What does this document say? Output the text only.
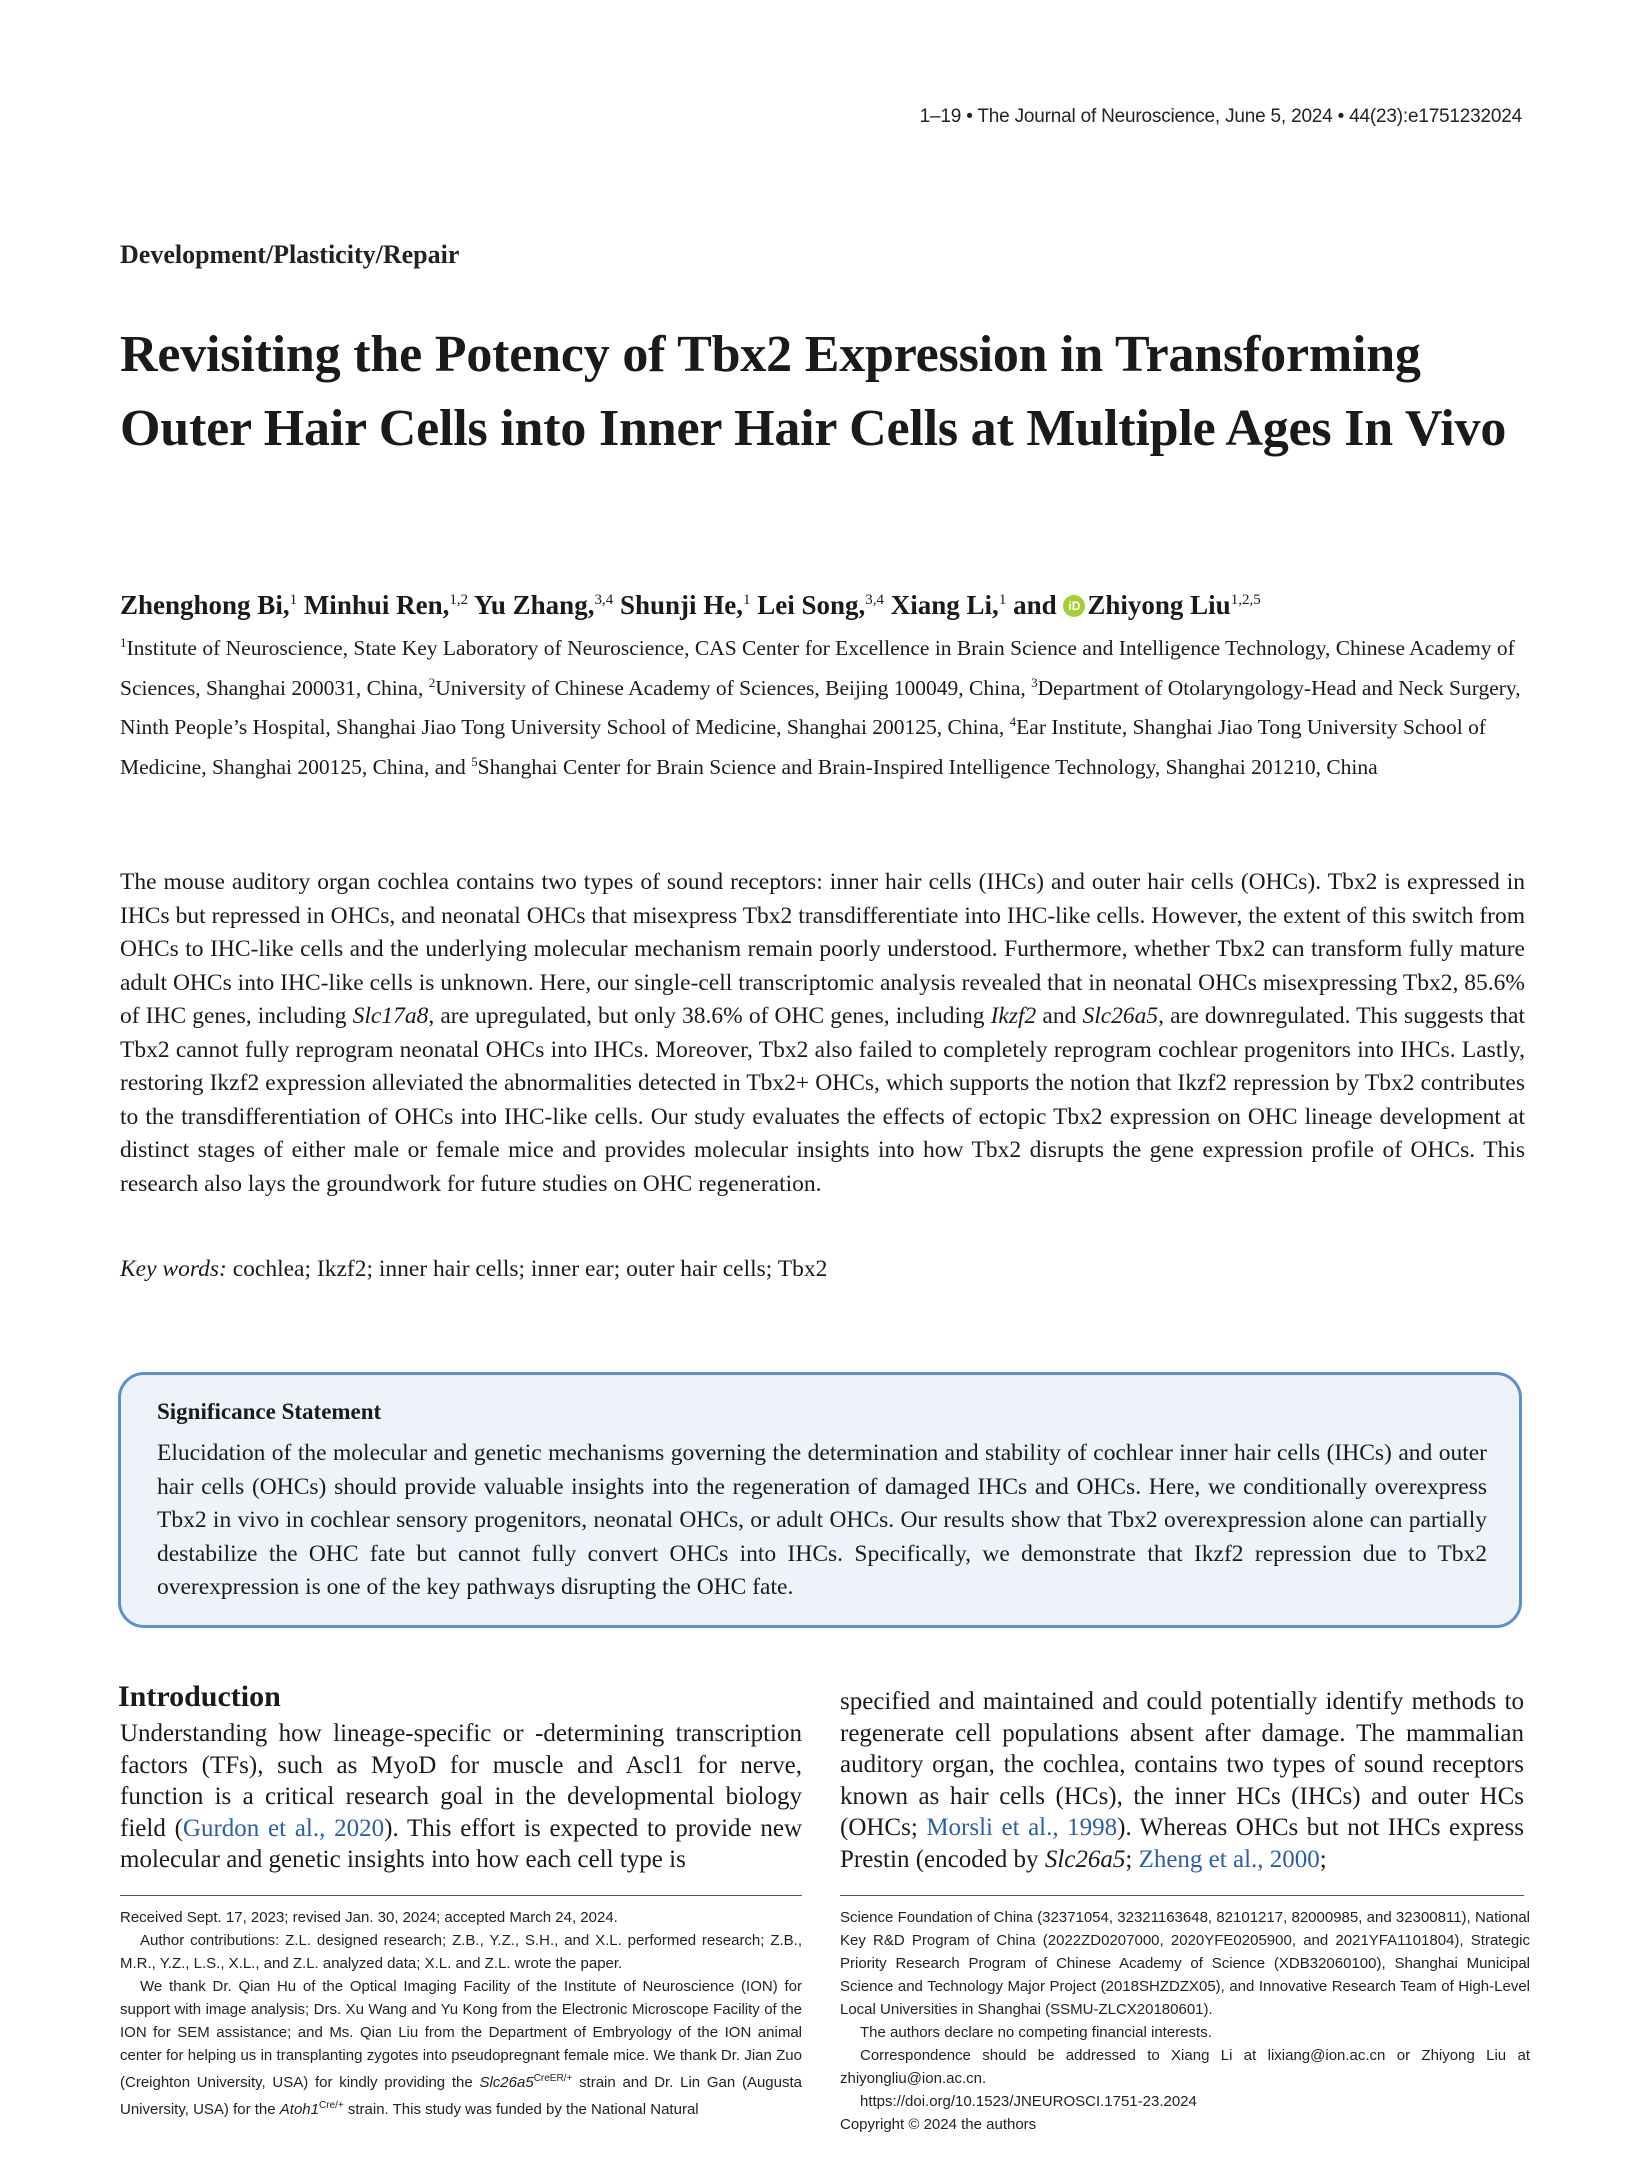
1–19 • The Journal of Neuroscience, June 5, 2024 • 44(23):e1751232024
Development/Plasticity/Repair
Revisiting the Potency of Tbx2 Expression in Transforming Outer Hair Cells into Inner Hair Cells at Multiple Ages In Vivo
Zhenghong Bi,$^1$ Minhui Ren,$^{1,2}$ Yu Zhang,$^{3,4}$ Shunji He,$^1$ Lei Song,$^{3,4}$ Xiang Li,$^1$ and iD Zhiyong Liu$^{1,2,5}$
$^1$Institute of Neuroscience, State Key Laboratory of Neuroscience, CAS Center for Excellence in Brain Science and Intelligence Technology, Chinese Academy of Sciences, Shanghai 200031, China, $^2$University of Chinese Academy of Sciences, Beijing 100049, China, $^3$Department of Otolaryngology-Head and Neck Surgery, Ninth People’s Hospital, Shanghai Jiao Tong University School of Medicine, Shanghai 200125, China, $^4$Ear Institute, Shanghai Jiao Tong University School of Medicine, Shanghai 200125, China, and $^5$Shanghai Center for Brain Science and Brain-Inspired Intelligence Technology, Shanghai 201210, China

The mouse auditory organ cochlea contains two types of sound receptors: inner hair cells (IHCs) and outer hair cells (OHCs). Tbx2 is expressed in IHCs but repressed in OHCs, and neonatal OHCs that misexpress Tbx2 transdifferentiate into IHC-like cells. However, the extent of this switch from OHCs to IHC-like cells and the underlying molecular mechanism remain poorly understood. Furthermore, whether Tbx2 can transform fully mature adult OHCs into IHC-like cells is unknown. Here, our single-cell transcriptomic analysis revealed that in neonatal OHCs misexpressing Tbx2, 85.6% of IHC genes, including Slc17a8, are upregulated, but only 38.6% of OHC genes, including Ikzf2 and Slc26a5, are downregulated. This suggests that Tbx2 cannot fully reprogram neonatal OHCs into IHCs. Moreover, Tbx2 also failed to completely reprogram cochlear progenitors into IHCs. Lastly, restoring Ikzf2 expression alleviated the abnormalities detected in Tbx2+ OHCs, which supports the notion that Ikzf2 repression by Tbx2 contributes to the transdifferentiation of OHCs into IHC-like cells. Our study evaluates the effects of ectopic Tbx2 expression on OHC lineage development at distinct stages of either male or female mice and provides molecular insights into how Tbx2 disrupts the gene expression profile of OHCs. This research also lays the groundwork for future studies on OHC regeneration.

Key words: cochlea; Ikzf2; inner hair cells; inner ear; outer hair cells; Tbx2
Significance Statement

Elucidation of the molecular and genetic mechanisms governing the determination and stability of cochlear inner hair cells (IHCs) and outer hair cells (OHCs) should provide valuable insights into the regeneration of damaged IHCs and OHCs. Here, we conditionally overexpress Tbx2 in vivo in cochlear sensory progenitors, neonatal OHCs, or adult OHCs. Our results show that Tbx2 overexpression alone can partially destabilize the OHC fate but cannot fully convert OHCs into IHCs. Specifically, we demonstrate that Ikzf2 repression due to Tbx2 overexpression is one of the key pathways disrupting the OHC fate.

Introduction

Understanding how lineage-specific or -determining transcription factors (TFs), such as MyoD for muscle and Ascl1 for nerve, function is a critical research goal in the developmental biology field (Gurdon et al., 2020). This effort is expected to provide new molecular and genetic insights into how each cell type is

specified and maintained and could potentially identify methods to regenerate cell populations absent after damage. The mammalian auditory organ, the cochlea, contains two types of sound receptors known as hair cells (HCs), the inner HCs (IHCs) and outer HCs (OHCs; Morsli et al., 1998). Whereas OHCs but not IHCs express Prestin (encoded by Slc26a5; Zheng et al., 2000;

Received Sept. 17, 2023; revised Jan. 30, 2024; accepted March 24, 2024.

Author contributions: Z.L. designed research; Z.B., Y.Z., S.H., and X.L. performed research; Z.B., M.R., Y.Z., L.S., X.L., and Z.L. analyzed data; X.L. and Z.L. wrote the paper.

We thank Dr. Qian Hu of the Optical Imaging Facility of the Institute of Neuroscience (ION) for support with image analysis; Drs. Xu Wang and Yu Kong from the Electronic Microscope Facility of the ION for SEM assistance; and Ms. Qian Liu from the Department of Embryology of the ION animal center for helping us in transplanting zygotes into pseudopregnant female mice. We thank Dr. Jian Zuo (Creighton University, USA) for kindly providing the $Slc26a5^{CreER/+}$ strain and Dr. Lin Gan (Augusta University, USA) for the $Atoh1^{Cre/+}$ strain. This study was funded by the National Natural

Science Foundation of China (32371054, 32321163648, 82101217, 82000985, and 32300811), National Key R&D Program of China (2022ZD0207000, 2020YFE0205900, and 2021YFA1101804), Strategic Priority Research Program of Chinese Academy of Science (XDB32060100), Shanghai Municipal Science and Technology Major Project (2018SHZDZX05), and Innovative Research Team of High-Level Local Universities in Shanghai (SSMU-ZLCX20180601).

The authors declare no competing financial interests.

Correspondence should be addressed to Xiang Li at lixiang@ion.ac.cn or Zhiyong Liu at zhiyongliu@ion.ac.cn.

https://doi.org/10.1523/JNEUROSCI.1751-23.2024

Copyright © 2024 the authors
